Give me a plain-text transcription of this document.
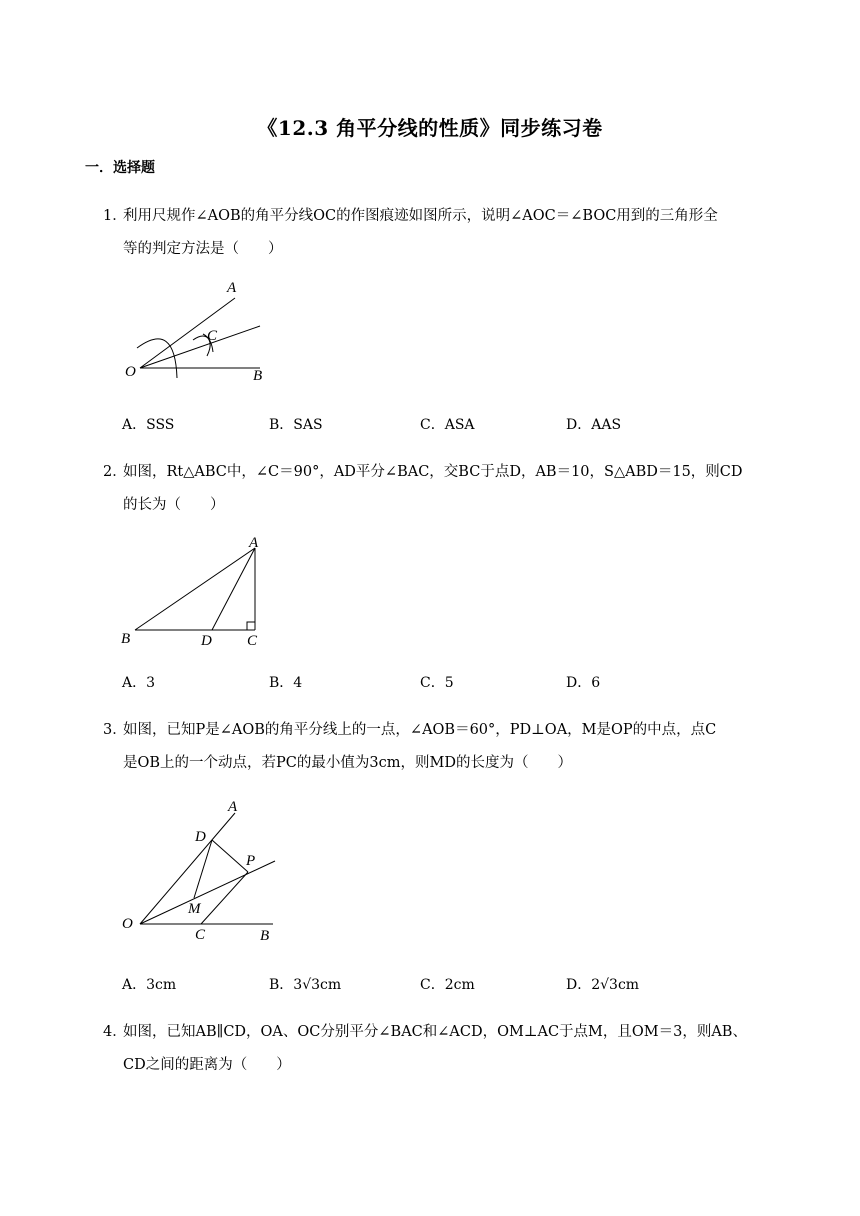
《12.3 角平分线的性质》同步练习卷
一．选择题
1．
利用尺规作∠AOB的角平分线OC的作图痕迹如图所示，说明∠AOC＝∠BOC用到的三角形全
等的判定方法是（　　）
A
C
O	B
A．SSS	B．SAS	C．ASA	D．AAS
2．
如图，Rt△ABC中，∠C＝90°，AD平分∠BAC，交BC于点D，AB＝10，S△ABD＝15，则CD
的长为（　　）
A
B	D C
A．3	B．4	C．5	D．6
3．
如图，已知P是∠AOB的角平分线上的一点，∠AOB＝60°，PD⊥OA，M是OP的中点，点C
是OB上的一个动点，若PC的最小值为3cm，则MD的长度为（　　）
A
D
P
M
O
C	B
A．3cm	B．3√3cm	C．2cm	D．2√3cm
4．
如图，已知AB∥CD，OA、OC分别平分∠BAC和∠ACD，OM⊥AC于点M，且OM＝3，则AB、
CD之间的距离为（　　）
